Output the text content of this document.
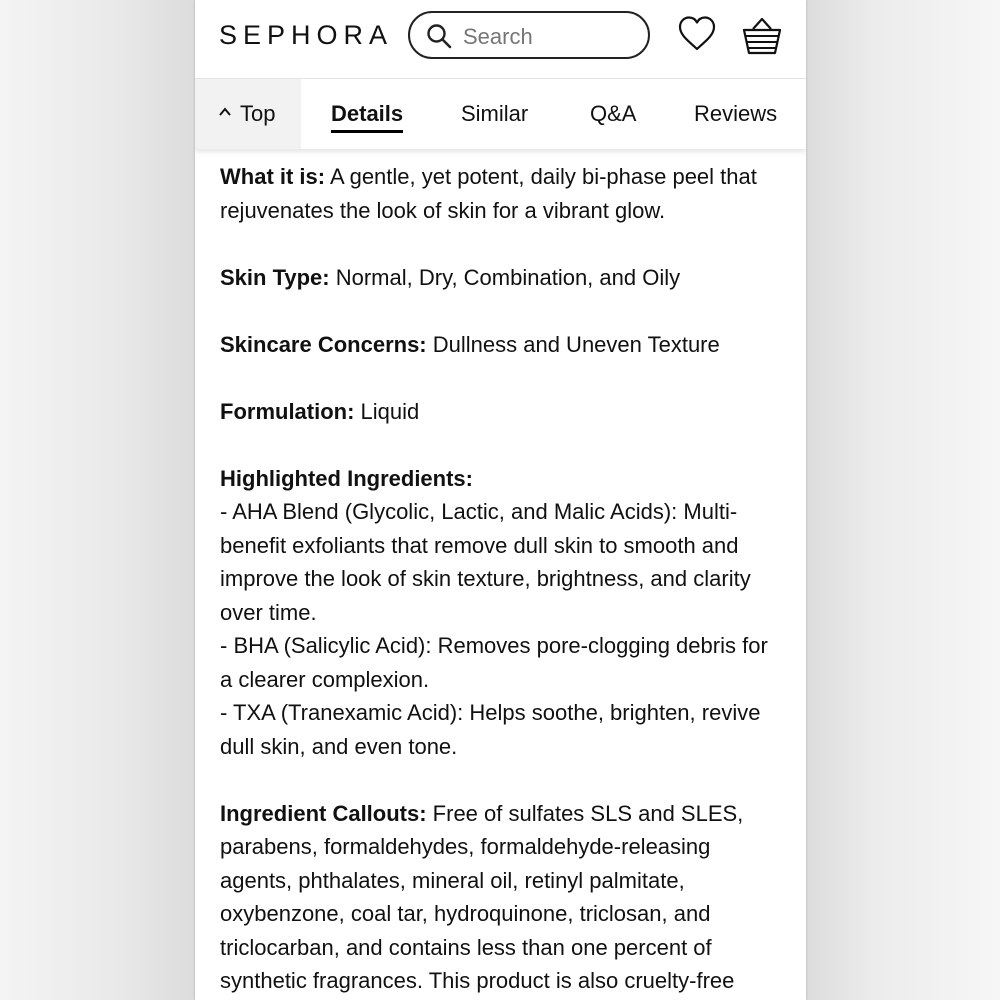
SEPHORA	Search
Top	Details	Similar	Q&A	Reviews

What it is: A gentle, yet potent, daily bi-phase peel that

rejuvenates the look of skin for a vibrant glow.

Skin Type: Normal, Dry, Combination, and Oily

Skincare Concerns: Dullness and Uneven Texture

Formulation: Liquid

Highlighted Ingredients:

- AHA Blend (Glycolic, Lactic, and Malic Acids): Multi-

benefit exfoliants that remove dull skin to smooth and

improve the look of skin texture, brightness, and clarity

over time.

- BHA (Salicylic Acid): Removes pore-clogging debris for

a clearer complexion.

- TXA (Tranexamic Acid): Helps soothe, brighten, revive

dull skin, and even tone.

Ingredient Callouts: Free of sulfates SLS and SLES,

parabens, formaldehydes, formaldehyde-releasing

agents, phthalates, mineral oil, retinyl palmitate,

oxybenzone, coal tar, hydroquinone, triclosan, and

triclocarban, and contains less than one percent of

synthetic fragrances. This product is also cruelty-free
